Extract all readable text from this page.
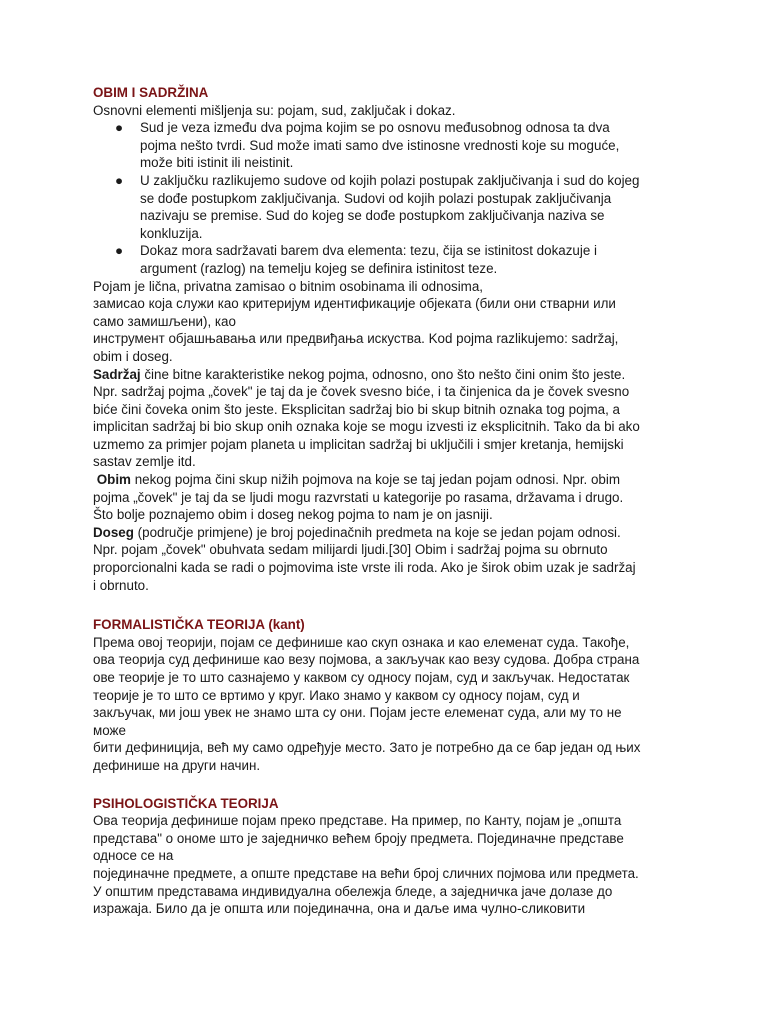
OBIM I SADRŽINA

Osnovni elementi mišljenja su: pojam, sud, zaključak i dokaz.

● Sud je veza između dva pojma kojim se po osnovu međusobnog odnosa ta dva
pojma nešto tvrdi. Sud može imati samo dve istinosne vrednosti koje su moguće,
može biti istinit ili neistinit.
● U zaključku razlikujemo sudove od kojih polazi postupak zaključivanja i sud do kojeg
se dođe postupkom zaključivanja. Sudovi od kojih polazi postupak zaključivanja
nazivaju se premise. Sud do kojeg se dođe postupkom zaključivanja naziva se
konkluzija.
● Dokaz mora sadržavati barem dva elementa: tezu, čija se istinitost dokazuje i
argument (razlog) na temelju kojeg se definira istinitost teze.
Pojam je lična, privatna zamisao o bitnim osobinama ili odnosima,
замисао која служи као критеријум идентификације објеката (били они стварни или
само замишљени), као
инструмент објашњавања или предвиђања искуства. Kod pojma razlikujemo: sadržaj,
obim i doseg.
Sadržaj čine bitne karakteristike nekog pojma, odnosno, ono što nešto čini onim što jeste.
Npr. sadržaj pojma „čovek" je taj da je čovek svesno biće, i ta činjenica da je čovek svesno
biće čini čoveka onim što jeste. Eksplicitan sadržaj bio bi skup bitnih oznaka tog pojma, a
implicitan sadržaj bi bio skup onih oznaka koje se mogu izvesti iz eksplicitnih. Tako da bi ako
uzmemo za primjer pojam planeta u implicitan sadržaj bi uključili i smjer kretanja, hemijski
sastav zemlje itd.
Obim nekog pojma čini skup nižih pojmova na koje se taj jedan pojam odnosi. Npr. obim
pojma „čovek" je taj da se ljudi mogu razvrstati u kategorije po rasama, državama i drugo.
Što bolje poznajemo obim i doseg nekog pojma to nam je on jasniji.
Doseg (područje primjene) je broj pojedinačnih predmeta na koje se jedan pojam odnosi.
Npr. pojam „čovek" obuhvata sedam milijardi ljudi.[30] Obim i sadržaj pojma su obrnuto
proporcionalni kada se radi o pojmovima iste vrste ili roda. Ako je širok obim uzak je sadržaj
i obrnuto.

FORMALISTIČKA TEORIJA (kant)

Према овој теорији, појам се дефинише као скуп ознака и као елеменат суда. Такође,
ова теорија суд дефинише као везу појмова, а закључак као везу судова. Добра страна
ове теорије је то што сазнајемо у каквом су односу појам, суд и закључак. Недостатак
теорије је то што се вртимо у круг. Иако знамо у каквом су односу појам, суд и
закључак, ми још увек не знамо шта су они. Појам јесте елеменат суда, али му то не
може
бити дефиниција, већ му само одређује место. Зато је потребно да се бар један од њих
дефинише на други начин.

PSIHOLOGISTIČKA TEORIJA

Ова теорија дефинише појам преко представе. На пример, по Канту, појам је „општа
представа" о ономе што је заједничко већем броју предмета. Појединачне представе
односе се на
појединачне предмете, а опште представе на већи број сличних појмова или предмета.
У општим представама индивидуална обележја бледе, а заједничка јаче долазе до
изражаја. Било да је општа или појединачна, она и даље има чулно-сликовити
